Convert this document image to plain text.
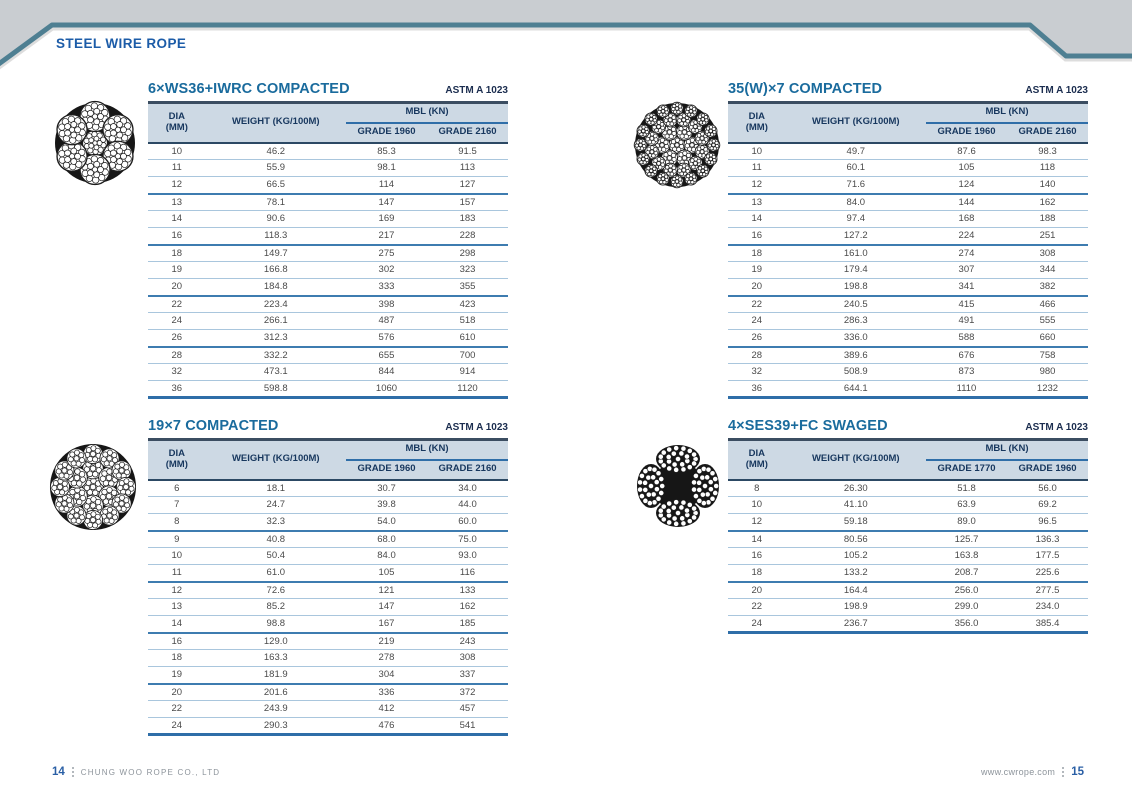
STEEL WIRE ROPE
6×WS36+IWRC COMPACTED	ASTM A 1023
DIA
(MM)	WEIGHT (KG/100M)	MBL (KN)	
		GRADE 1960	GRADE 2160
10	46.2	85.3	91.5
11	55.9	98.1	113
12	66.5	114	127
13	78.1	147	157
14	90.6	169	183
16	118.3	217	228
18	149.7	275	298
19	166.8	302	323
20	184.8	333	355
22	223.4	398	423
24	266.1	487	518
26	312.3	576	610
28	332.2	655	700
32	473.1	844	914
36	598.8	1060	1120
35(W)×7 COMPACTED	ASTM A 1023
DIA
(MM)	WEIGHT (KG/100M)	MBL (KN)	
		GRADE 1960	GRADE 2160
10	49.7	87.6	98.3
11	60.1	105	118
12	71.6	124	140
13	84.0	144	162
14	97.4	168	188
16	127.2	224	251
18	161.0	274	308
19	179.4	307	344
20	198.8	341	382
22	240.5	415	466
24	286.3	491	555
26	336.0	588	660
28	389.6	676	758
32	508.9	873	980
36	644.1	1110	1232
19×7 COMPACTED	ASTM A 1023
DIA
(MM)	WEIGHT (KG/100M)	MBL (KN)	
		GRADE 1960	GRADE 2160
6	18.1	30.7	34.0
7	24.7	39.8	44.0
8	32.3	54.0	60.0
9	40.8	68.0	75.0
10	50.4	84.0	93.0
11	61.0	105	116
12	72.6	121	133
13	85.2	147	162
14	98.8	167	185
16	129.0	219	243
18	163.3	278	308
19	181.9	304	337
20	201.6	336	372
22	243.9	412	457
24	290.3	476	541
4×SES39+FC SWAGED	ASTM A 1023
DIA
(MM)	WEIGHT (KG/100M)	MBL (KN)	
		GRADE 1770	GRADE 1960
8	26.30	51.8	56.0
10	41.10	63.9	69.2
12	59.18	89.0	96.5
14	80.56	125.7	136.3
16	105.2	163.8	177.5
18	133.2	208.7	225.6
20	164.4	256.0	277.5
22	198.9	299.0	234.0
24	236.7	356.0	385.4
14 CHUNG WOO ROPE CO., LTD	www.cwrope.com 15
